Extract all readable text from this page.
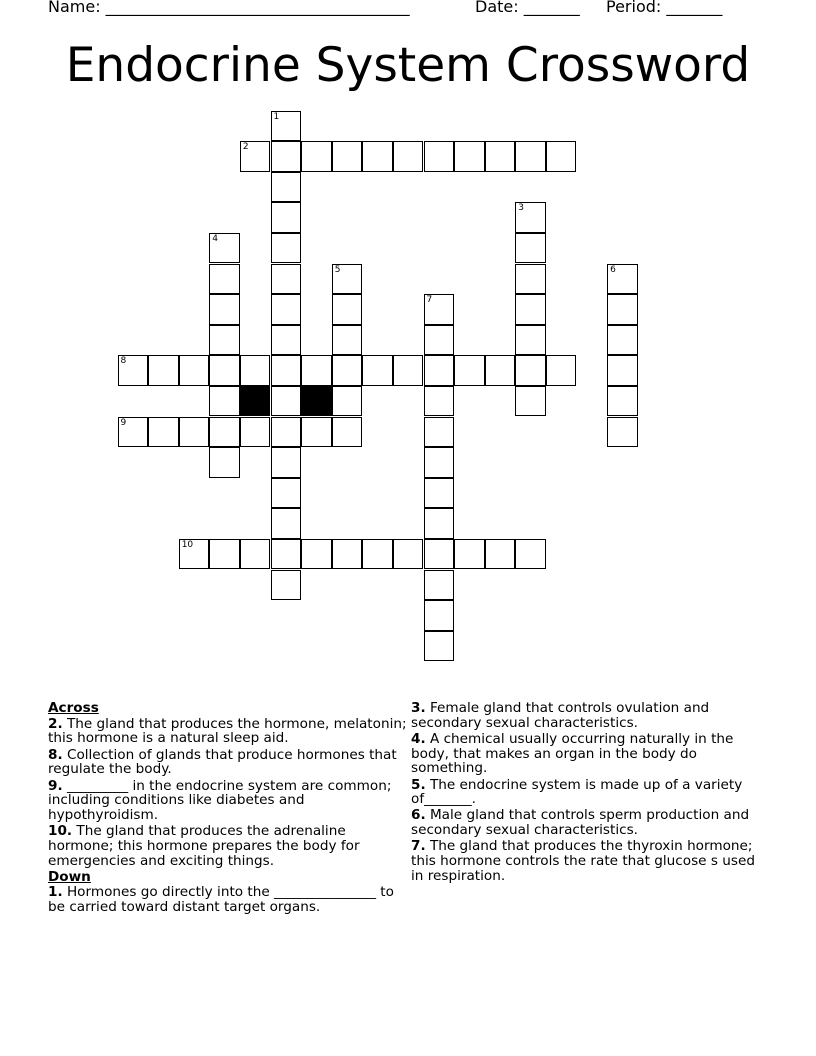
Name: ______________________________________	Date: _______ Period: _______
Endocrine System Crossword
1
2
3
4
5	6
7
8
9
10

Across

2. The gland that produces the hormone, melatonin; this hormone is a natural sleep aid.

8. Collection of glands that produce hormones that regulate the body.

9. _________ in the endocrine system are common; including conditions like diabetes and hypothyroidism.

10. The gland that produces the adrenaline hormone; this hormone prepares the body for emergencies and exciting things.

Down

1. Hormones go directly into the _______________ to be carried toward distant target organs.

3. Female gland that controls ovulation and secondary sexual characteristics.

4. A chemical usually occurring naturally in the body, that makes an organ in the body do something.

5. The endocrine system is made up of a variety of_______.

6. Male gland that controls sperm production and secondary sexual characteristics.

7. The gland that produces the thyroxin hormone; this hormone controls the rate that glucose s used in respiration.
